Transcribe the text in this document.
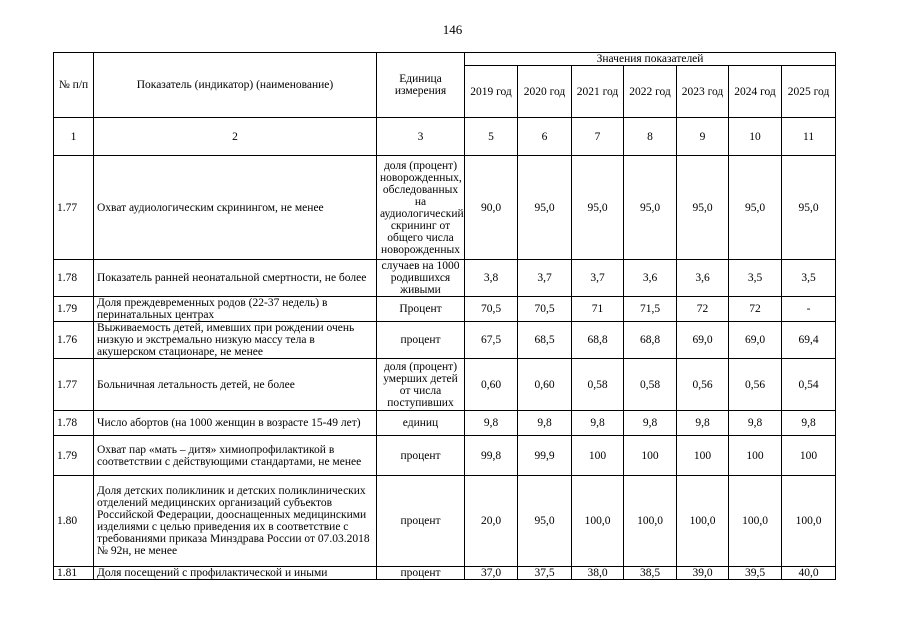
146
№ п/п	Показатель (индикатор) (наименование)	Единица измерения	Значения показателей						
			2019 год	2020 год	2021 год	2022 год	2023 год	2024 год	2025 год
1	2	3	5	6	7	8	9	10	11
1.77	Охват аудиологическим скринингом, не менее	доля (процент) новорожденных, обследованных на аудиологический скрининг от общего числа новорожденных	90,0	95,0	95,0	95,0	95,0	95,0	95,0
1.78	Показатель ранней неонатальной смертности, не более	случаев на 1000 родившихся живыми	3,8	3,7	3,7	3,6	3,6	3,5	3,5
1.79	Доля преждевременных родов (22-37 недель) в перинатальных центрах	Процент	70,5	70,5	71	71,5	72	72	-
1.76	Выживаемость детей, имевших при рождении очень низкую и экстремально низкую массу тела в акушерском стационаре, не менее	процент	67,5	68,5	68,8	68,8	69,0	69,0	69,4
1.77	Больничная летальность детей, не более	доля (процент) умерших детей от числа поступивших	0,60	0,60	0,58	0,58	0,56	0,56	0,54
1.78	Число абортов (на 1000 женщин в возрасте 15-49 лет)	единиц	9,8	9,8	9,8	9,8	9,8	9,8	9,8
1.79	Охват пар «мать – дитя» химиопрофилактикой в соответствии с действующими стандартами, не менее	процент	99,8	99,9	100	100	100	100	100
1.80	Доля детских поликлиник и детских поликлинических отделений медицинских организаций субъектов Российской Федерации, дооснащенных медицинскими изделиями с целью приведения их в соответствие с требованиями приказа Минздрава России от 07.03.2018 № 92н, не менее	процент	20,0	95,0	100,0	100,0	100,0	100,0	100,0
1.81	Доля посещений с профилактической и иными	процент	37,0	37,5	38,0	38,5	39,0	39,5	40,0
